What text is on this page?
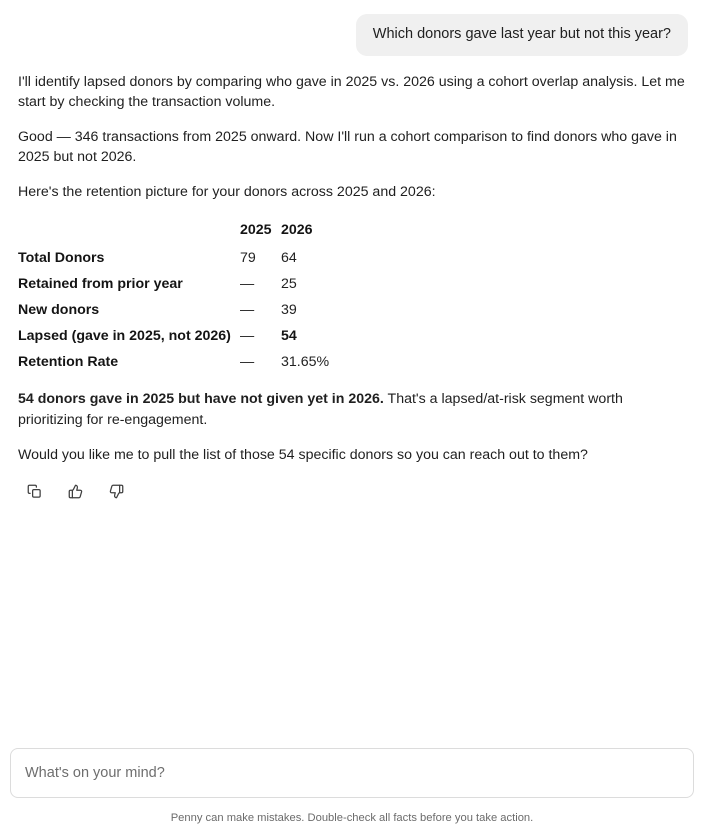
Which donors gave last year but not this year?

I'll identify lapsed donors by comparing who gave in 2025 vs. 2026 using a cohort overlap analysis. Let me start by checking the transaction volume.

Good — 346 transactions from 2025 onward. Now I'll run a cohort comparison to find donors who gave in 2025 but not 2026.

Here's the retention picture for your donors across 2025 and 2026:

	2025	2026
Total Donors	79	64
Retained from prior year	—	25
New donors	—	39
Lapsed (gave in 2025, not 2026)	—	54
Retention Rate	—	31.65%

54 donors gave in 2025 but have not given yet in 2026. That's a lapsed/at-risk segment worth prioritizing for re-engagement.

Would you like me to pull the list of those 54 specific donors so you can reach out to them?

What's on your mind?
Penny can make mistakes. Double-check all facts before you take action.
